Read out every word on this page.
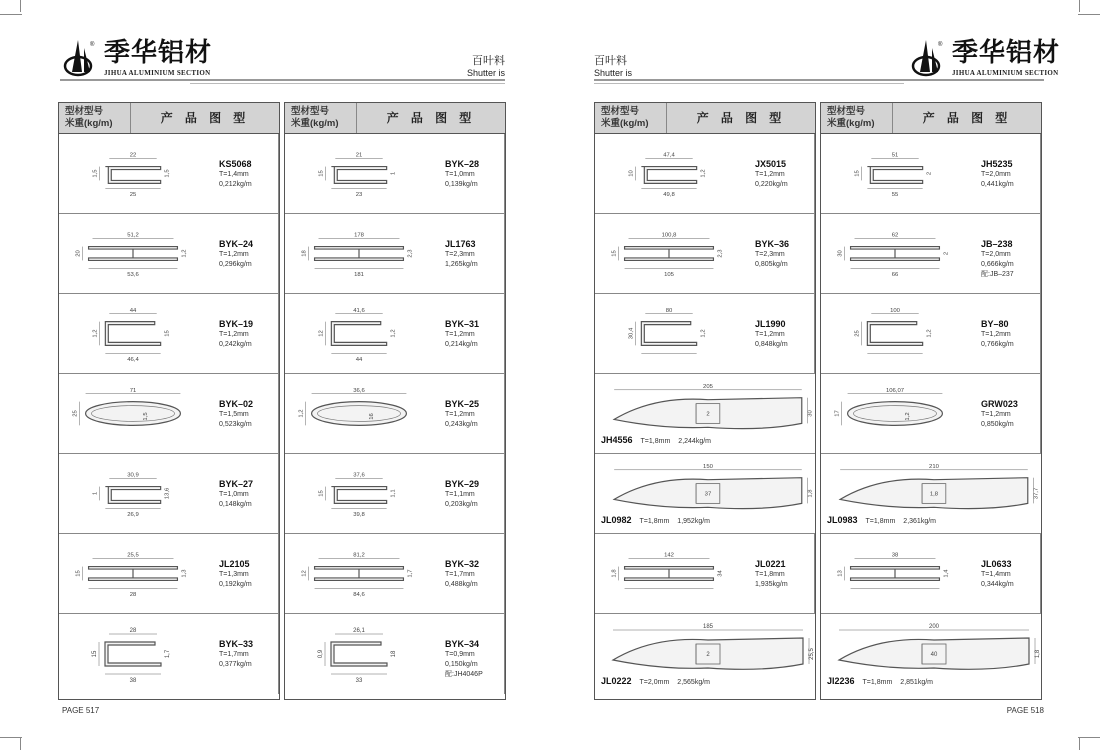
® 季华铝材
JIHUA ALUMINIUM SECTION
百叶料
Shutter is
型材型号
米重(kg/m)	产 品 图 型
22
1,5	1,5
25
KS5068
T=1,4mm
0,212kg/m
51,2
20	1,2
53,6
BYK–24
T=1,2mm
0,296kg/m
44
1,2	15
46,4
BYK–19
T=1,2mm
0,242kg/m
71
25	1,5
BYK–02
T=1,5mm
0,523kg/m
30,9
1	13,6
26,9
BYK–27
T=1,0mm
0,148kg/m
25,5
15	1,3
28
JL2105
T=1,3mm
0,192kg/m
28
15	1,7
38
BYK–33
T=1,7mm
0,377kg/m
型材型号
米重(kg/m)	产 品 图 型
21
15	1
23
BYK–28
T=1,0mm
0,139kg/m
178
18	2,3
181
JL1763
T=2,3mm
1,265kg/m
41,6
12	1,2
44
BYK–31
T=1,2mm
0,214kg/m
36,6
1,2	16
BYK–25
T=1,2mm
0,243kg/m
37,6
15	1,1
39,8
BYK–29
T=1,1mm
0,203kg/m
81,2
12	1,7
84,6
BYK–32
T=1,7mm
0,488kg/m
26,1
0,9	18
33
BYK–34
T=0,9mm
0,150kg/m
配:JH4046P
PAGE 517
® 季华铝材
JIHUA ALUMINIUM SECTION
百叶料
Shutter is
型材型号
米重(kg/m)	产 品 图 型
47,4
10	1,2
49,8
JX5015
T=1,2mm
0,220kg/m
100,8
15	2,3
105
BYK–36
T=2,3mm
0,805kg/m
80
30,4	1,2
JL1990
T=1,2mm
0,848kg/m
205
2	30
JH4556 T=1,8mm 2,244kg/m
150
37	1,8
JL0982 T=1,8mm 1,952kg/m
142
1,8	34
JL0221
T=1,8mm
1,935kg/m
185
2	25,5
JL0222 T=2,0mm 2,565kg/m
型材型号
米重(kg/m)	产 品 图 型
51
15	2
55
JH5235
T=2,0mm
0,441kg/m
62
30	2
66
JB–238
T=2,0mm
0,666kg/m
配:JB–237
100
25	1,2
BY–80
T=1,2mm
0,766kg/m
106,07
17	1,2
GRW023
T=1,2mm
0,850kg/m
210
1,8	37,7
JL0983 T=1,8mm 2,361kg/m
38
13	1,4
JL0633
T=1,4mm
0,344kg/m
200
40	1,8
JI2236 T=1,8mm 2,851kg/m
PAGE 518
